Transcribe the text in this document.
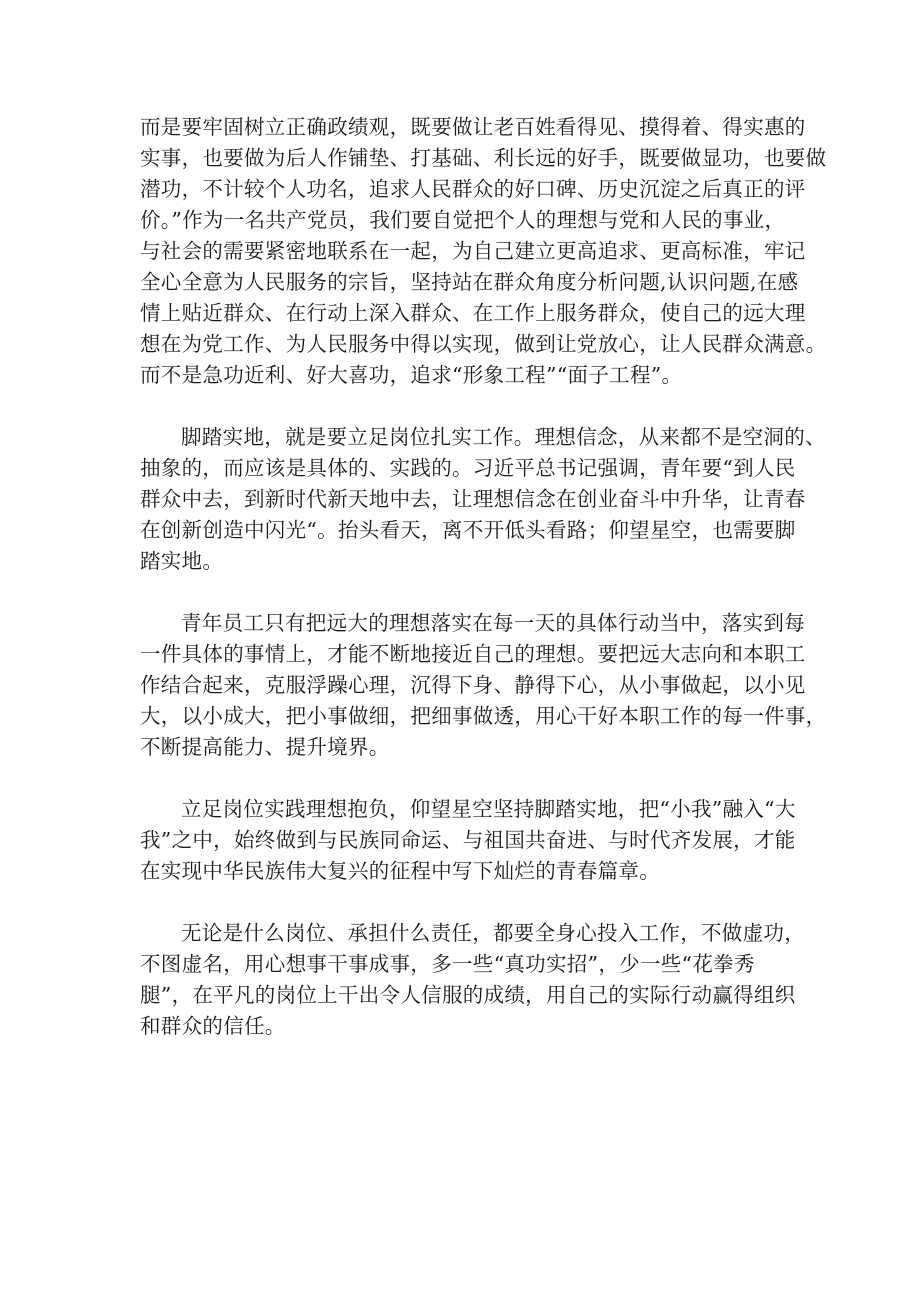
而是要牢固树立正确政绩观，既要做让老百姓看得见、摸得着、得实惠的
实事，也要做为后人作铺垫、打基础、利长远的好手，既要做显功，也要做
潜功，不计较个人功名，追求人民群众的好口碑、历史沉淀之后真正的评
价。”作为一名共产党员，我们要自觉把个人的理想与党和人民的事业，
与社会的需要紧密地联系在一起，为自己建立更高追求、更高标准，牢记
全心全意为人民服务的宗旨，坚持站在群众角度分析问题,认识问题,在感
情上贴近群众、在行动上深入群众、在工作上服务群众，使自己的远大理
想在为党工作、为人民服务中得以实现，做到让党放心，让人民群众满意。
而不是急功近利、好大喜功，追求“形象工程”“面子工程”。
脚踏实地，就是要立足岗位扎实工作。理想信念，从来都不是空洞的、
抽象的，而应该是具体的、实践的。习近平总书记强调，青年要“到人民
群众中去，到新时代新天地中去，让理想信念在创业奋斗中升华，让青春
在创新创造中闪光“。抬头看天，离不开低头看路；仰望星空，也需要脚
踏实地。
青年员工只有把远大的理想落实在每一天的具体行动当中，落实到每
一件具体的事情上，才能不断地接近自己的理想。要把远大志向和本职工
作结合起来，克服浮躁心理，沉得下身、静得下心，从小事做起，以小见
大，以小成大，把小事做细，把细事做透，用心干好本职工作的每一件事，
不断提高能力、提升境界。
立足岗位实践理想抱负，仰望星空坚持脚踏实地，把“小我”融入“大
我”之中，始终做到与民族同命运、与祖国共奋进、与时代齐发展，才能
在实现中华民族伟大复兴的征程中写下灿烂的青春篇章。
无论是什么岗位、承担什么责任，都要全身心投入工作，不做虚功，
不图虚名，用心想事干事成事，多一些“真功实招”，少一些“花拳秀
腿”，在平凡的岗位上干出令人信服的成绩，用自己的实际行动赢得组织
和群众的信任。
